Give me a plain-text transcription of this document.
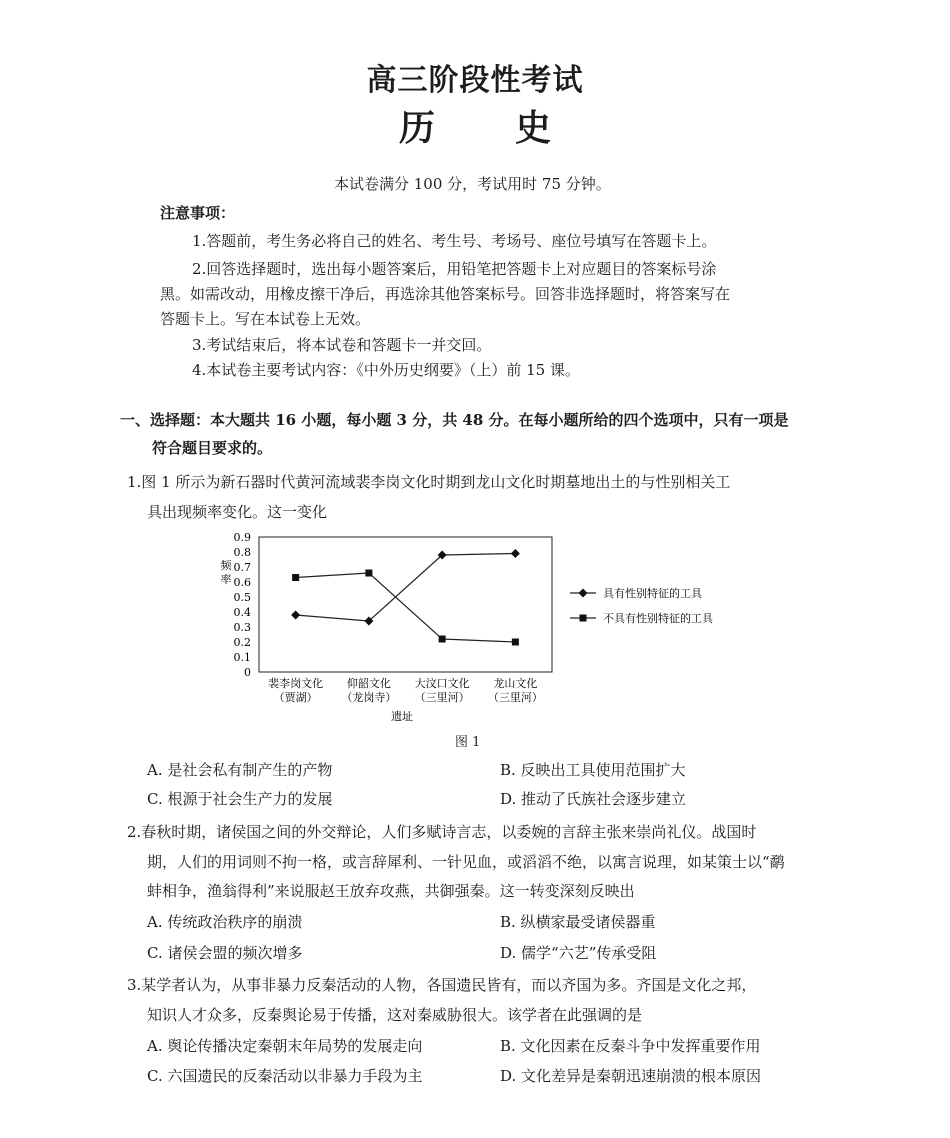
高三阶段性考试
历 史
本试卷满分 100 分，考试用时 75 分钟。
注意事项：
1.答题前，考生务必将自己的姓名、考生号、考场号、座位号填写在答题卡上。
2.回答选择题时，选出每小题答案后，用铅笔把答题卡上对应题目的答案标号涂
黑。如需改动，用橡皮擦干净后，再选涂其他答案标号。回答非选择题时，将答案写在
答题卡上。写在本试卷上无效。
3.考试结束后，将本试卷和答题卡一并交回。
4.本试卷主要考试内容：《中外历史纲要》（上）前 15 课。
一、选择题：本大题共 16 小题，每小题 3 分，共 48 分。在每小题所给的四个选项中，只有一项是
符合题目要求的。
1.图 1 所示为新石器时代黄河流域裴李岗文化时期到龙山文化时期墓地出土的与性别相关工
具出现频率变化。这一变化
0
0.1
0.2
0.3
0.4
0.5
0.6
0.7
0.8
0.9
裴李岗文化
（贾湖）
仰韶文化
（龙岗寺）
大汶口文化
（三里河）
龙山文化
（三里河）
频
率
遗址
具有性别特征的工具
不具有性别特征的工具
图 1
A. 是社会私有制产生的产物	B. 反映出工具使用范围扩大
C. 根源于社会生产力的发展	D. 推动了氏族社会逐步建立
2.春秋时期，诸侯国之间的外交辩论，人们多赋诗言志，以委婉的言辞主张来崇尚礼仪。战国时
期，人们的用词则不拘一格，或言辞犀利、一针见血，或滔滔不绝，以寓言说理，如某策士以“鹬
蚌相争，渔翁得利”来说服赵王放弃攻燕，共御强秦。这一转变深刻反映出
A. 传统政治秩序的崩溃	B. 纵横家最受诸侯器重
C. 诸侯会盟的频次增多	D. 儒学“六艺”传承受阻
3.某学者认为，从事非暴力反秦活动的人物，各国遗民皆有，而以齐国为多。齐国是文化之邦，
知识人才众多，反秦舆论易于传播，这对秦威胁很大。该学者在此强调的是
A. 舆论传播决定秦朝末年局势的发展走向	B. 文化因素在反秦斗争中发挥重要作用
C. 六国遗民的反秦活动以非暴力手段为主	D. 文化差异是秦朝迅速崩溃的根本原因
